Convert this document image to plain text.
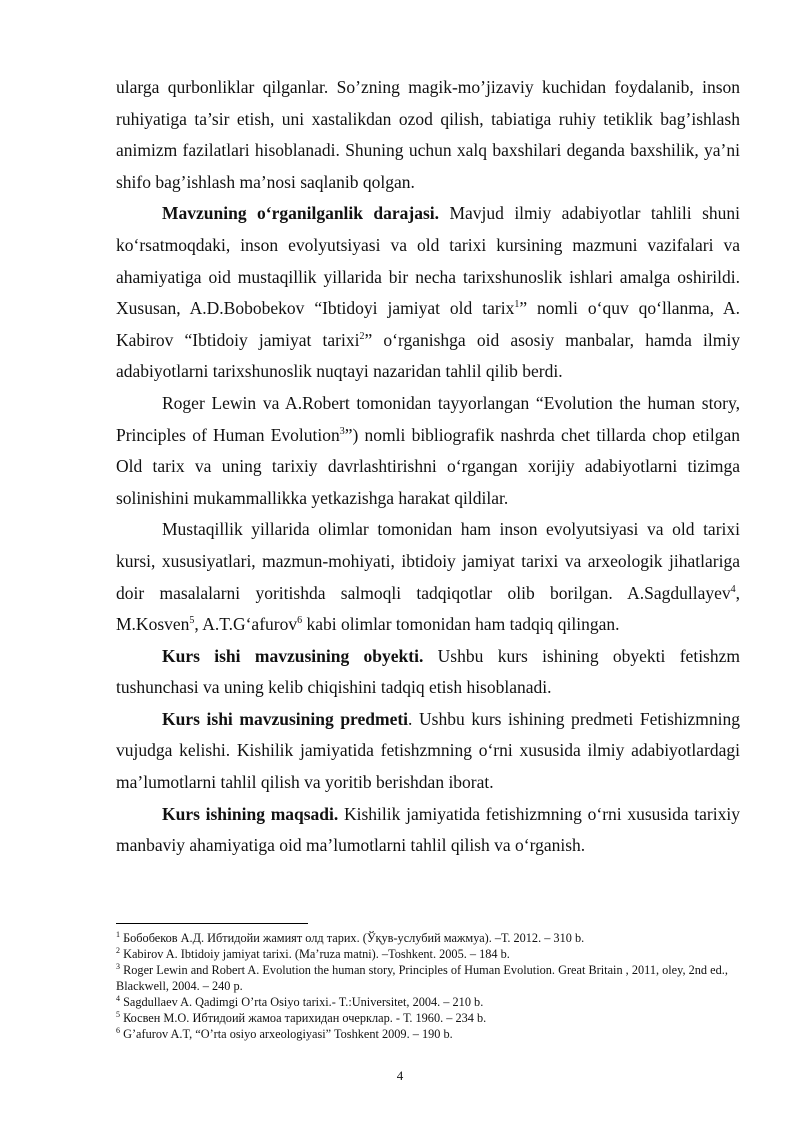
ularga qurbonliklar qilganlar. So’zning magik-mo’jizaviy kuchidan foydalanib, inson ruhiyatiga ta’sir etish, uni xastalikdan ozod qilish, tabiatiga ruhiy tetiklik bag’ishlash animizm fazilatlari hisoblanadi. Shuning uchun xalq baxshilari deganda baxshilik, ya’ni shifo bag’ishlash ma’nosi saqlanib qolgan.

Mavzuning o‘rganilganlik darajasi. Mavjud ilmiy adabiyotlar tahlili shuni ko‘rsatmoqdaki, inson evolyutsiyasi va old tarixi kursining mazmuni vazifalari va ahamiyatiga oid mustaqillik yillarida bir necha tarixshunoslik ishlari amalga oshirildi. Xususan, A.D.Bobobekov “Ibtidoyi jamiyat old tarix$^1$” nomli o‘quv qo‘llanma, A. Kabirov “Ibtidoiy jamiyat tarixi$^2$” o‘rganishga oid asosiy manbalar, hamda ilmiy adabiyotlarni tarixshunoslik nuqtayi nazaridan tahlil qilib berdi.

Roger Lewin va A.Robert tomonidan tayyorlangan “Evolution the human story, Principles of Human Evolution$^3$”) nomli bibliografik nashrda chet tillarda chop etilgan Old tarix va uning tarixiy davrlashtirishni o‘rgangan xorijiy adabiyotlarni tizimga solinishini mukammallikka yetkazishga harakat qildilar.

Mustaqillik yillarida olimlar tomonidan ham inson evolyutsiyasi va old tarixi kursi, xususiyatlari, mazmun-mohiyati, ibtidoiy jamiyat tarixi va arxeologik jihatlariga doir masalalarni yoritishda salmoqli tadqiqotlar olib borilgan. A.Sagdullayev$^4$, M.Kosven$^5$, A.T.G‘afurov$^6$ kabi olimlar tomonidan ham tadqiq qilingan.

Kurs ishi mavzusining obyekti. Ushbu kurs ishining obyekti fetishzm tushunchasi va uning kelib chiqishini tadqiq etish hisoblanadi.

Kurs ishi mavzusining predmeti. Ushbu kurs ishining predmeti Fetishizmning vujudga kelishi. Kishilik jamiyatida fetishzmning o‘rni xususida ilmiy adabiyotlardagi ma’lumotlarni tahlil qilish va yoritib berishdan iborat.

Kurs ishining maqsadi. Kishilik jamiyatida fetishizmning o‘rni xususida tarixiy manbaviy ahamiyatiga oid ma’lumotlarni tahlil qilish va o‘rganish.

$^1$ Бобобеков А.Д. Ибтидойи жамият олд тарих. (Ўқув-услубий мажмуа). –Т. 2012. – 310 b.

$^2$ Kabirov A. Ibtidoiy jamiyat tarixi. (Ma’ruza matni). –Toshkent. 2005. – 184 b.

$^3$ Roger Lewin and Robert A. Evolution the human story, Principles of Human Evolution. Great Britain , 2011, oley, 2nd ed., Blackwell, 2004. – 240 p.

$^4$ Sagdullaev A. Qadimgi O’rta Osiyo tarixi.- T.:Universitet, 2004. – 210 b.

$^5$ Косвен М.О. Ибтидоий жамоа тарихидан очерклар. - Т. 1960. – 234 b.

$^6$ G’afurov A.T, “O’rta osiyo arxeologiyasi” Toshkent 2009. – 190 b.

4
